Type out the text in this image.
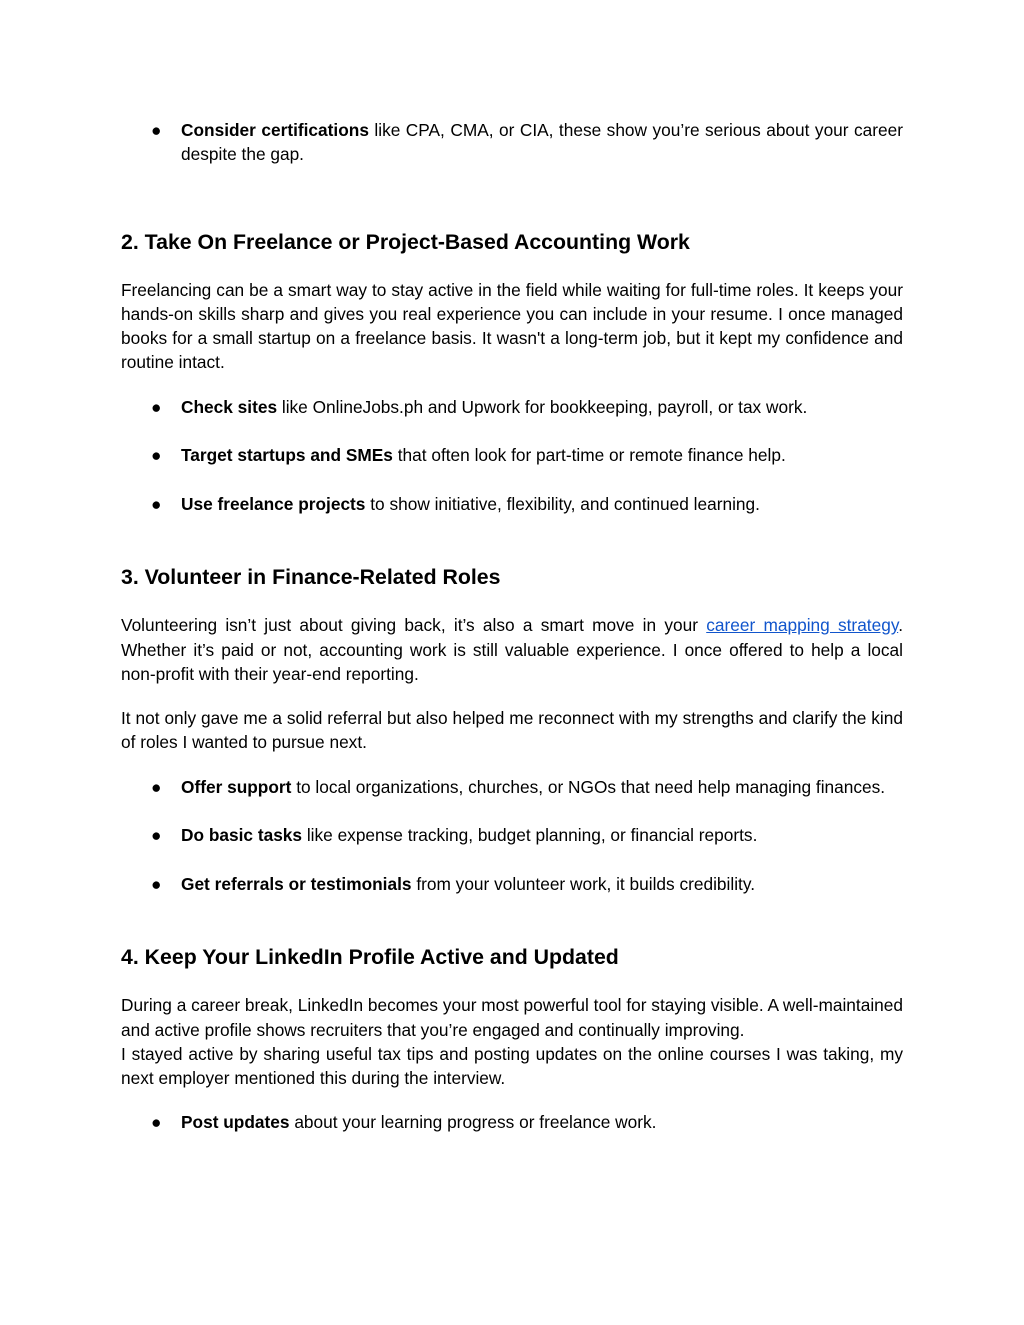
● Consider certifications like CPA, CMA, or CIA, these show you’re serious about your career despite the gap.
2. Take On Freelance or Project-Based Accounting Work

Freelancing can be a smart way to stay active in the field while waiting for full-time roles. It keeps your hands-on skills sharp and gives you real experience you can include in your resume. I once managed books for a small startup on a freelance basis. It wasn't a long-term job, but it kept my confidence and routine intact.

● Check sites like OnlineJobs.ph and Upwork for bookkeeping, payroll, or tax work.
● Target startups and SMEs that often look for part-time or remote finance help.
● Use freelance projects to show initiative, flexibility, and continued learning.
3. Volunteer in Finance-Related Roles

Volunteering isn’t just about giving back, it’s also a smart move in your career mapping strategy. Whether it’s paid or not, accounting work is still valuable experience. I once offered to help a local non-profit with their year-end reporting.

It not only gave me a solid referral but also helped me reconnect with my strengths and clarify the kind of roles I wanted to pursue next.

● Offer support to local organizations, churches, or NGOs that need help managing finances.
● Do basic tasks like expense tracking, budget planning, or financial reports.
● Get referrals or testimonials from your volunteer work, it builds credibility.
4. Keep Your LinkedIn Profile Active and Updated

During a career break, LinkedIn becomes your most powerful tool for staying visible. A well-maintained and active profile shows recruiters that you’re engaged and continually improving.
I stayed active by sharing useful tax tips and posting updates on the online courses I was taking, my next employer mentioned this during the interview.

● Post updates about your learning progress or freelance work.
